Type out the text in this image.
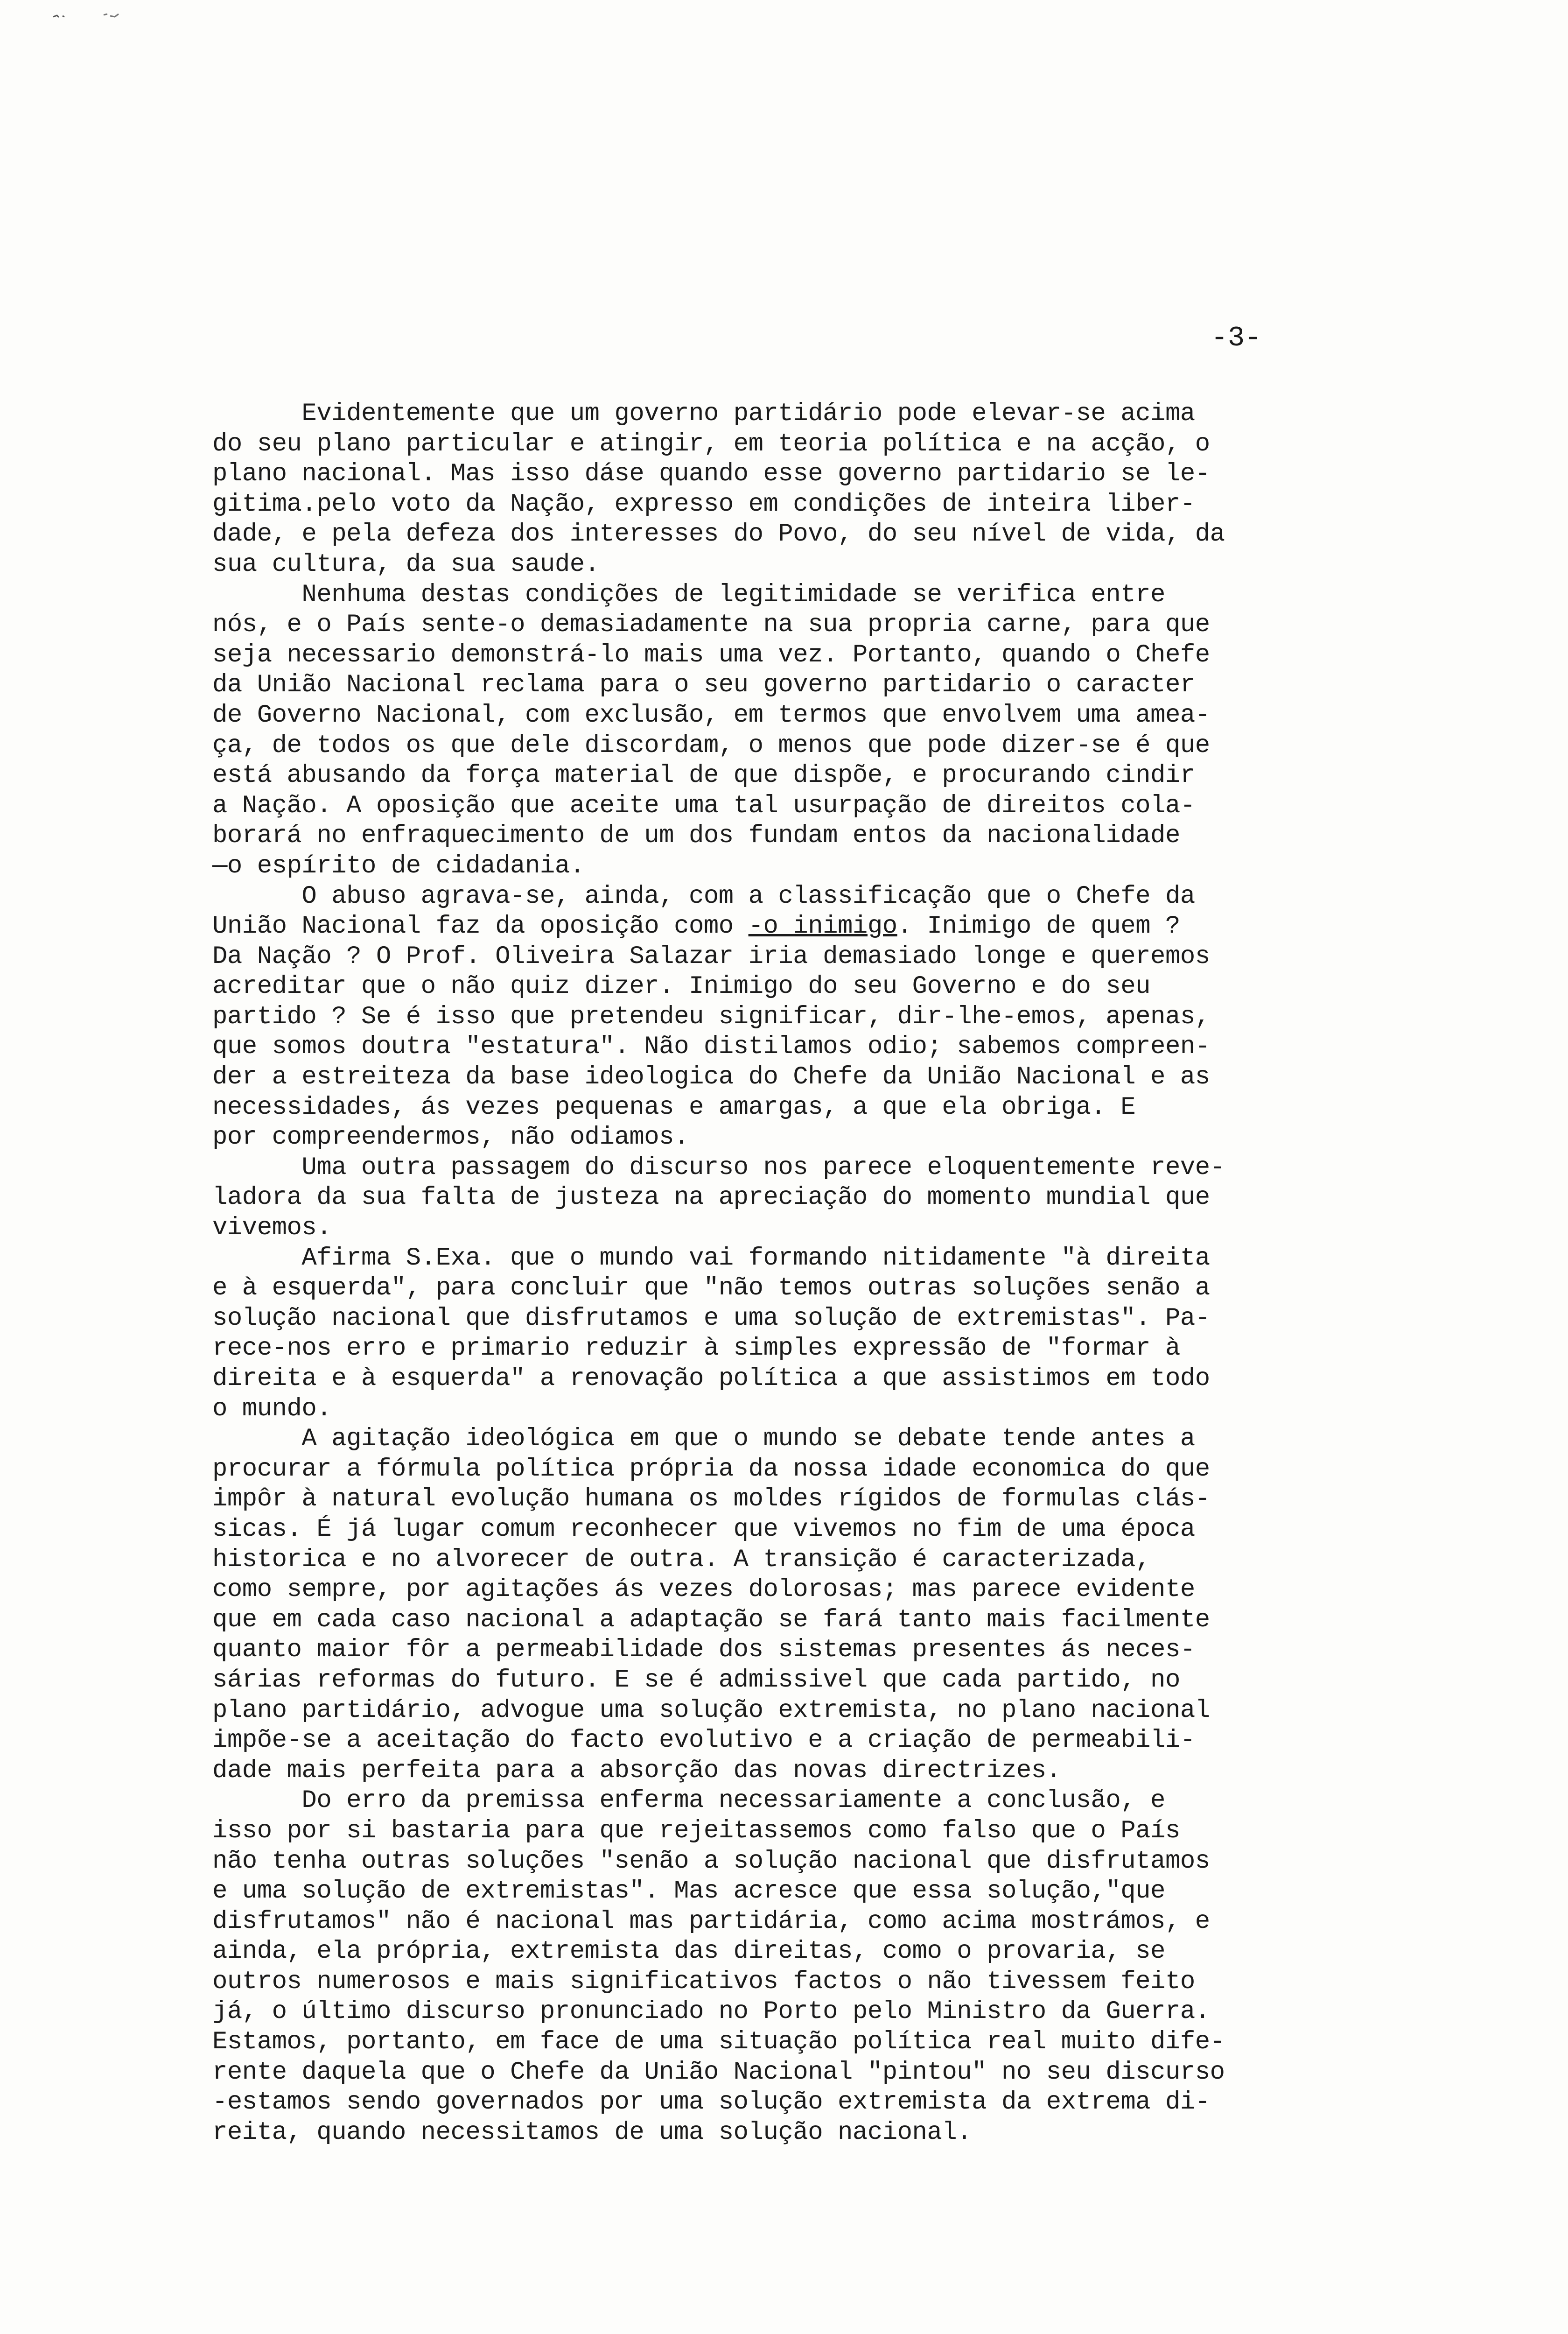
-3-
Evidentemente que um governo partidário pode elevar-se acima
do seu plano particular e atingir, em teoria política e na acção, o
plano nacional. Mas isso dáse quando esse governo partidario se le-
gitima.pelo voto da Nação, expresso em condições de inteira liber-
dade, e pela defeza dos interesses do Povo, do seu nível de vida, da
sua cultura, da sua saude.
Nenhuma destas condições de legitimidade se verifica entre
nós, e o País sente-o demasiadamente na sua propria carne, para que
seja necessario demonstrá-lo mais uma vez. Portanto, quando o Chefe
da União Nacional reclama para o seu governo partidario o caracter
de Governo Nacional, com exclusão, em termos que envolvem uma amea-
ça, de todos os que dele discordam, o menos que pode dizer-se é que
está abusando da força material de que dispõe, e procurando cindir
a Nação. A oposição que aceite uma tal usurpação de direitos cola-
borará no enfraquecimento de um dos fundam entos da nacionalidade
—o espírito de cidadania.
O abuso agrava-se, ainda, com a classificação que o Chefe da
União Nacional faz da oposição como -o inimigo. Inimigo de quem ?
Da Nação ? O Prof. Oliveira Salazar iria demasiado longe e queremos
acreditar que o não quiz dizer. Inimigo do seu Governo e do seu
partido ? Se é isso que pretendeu significar, dir-lhe-emos, apenas,
que somos doutra "estatura". Não distilamos odio; sabemos compreen-
der a estreiteza da base ideologica do Chefe da União Nacional e as
necessidades, ás vezes pequenas e amargas, a que ela obriga. E
por compreendermos, não odiamos.
Uma outra passagem do discurso nos parece eloquentemente reve-
ladora da sua falta de justeza na apreciação do momento mundial que
vivemos.
Afirma S.Exa. que o mundo vai formando nitidamente "à direita
e à esquerda", para concluir que "não temos outras soluções senão a
solução nacional que disfrutamos e uma solução de extremistas". Pa-
rece-nos erro e primario reduzir à simples expressão de "formar à
direita e à esquerda" a renovação política a que assistimos em todo
o mundo.
A agitação ideológica em que o mundo se debate tende antes a
procurar a fórmula política própria da nossa idade economica do que
impôr à natural evolução humana os moldes rígidos de formulas clás-
sicas. É já lugar comum reconhecer que vivemos no fim de uma época
historica e no alvorecer de outra. A transição é caracterizada,
como sempre, por agitações ás vezes dolorosas; mas parece evidente
que em cada caso nacional a adaptação se fará tanto mais facilmente
quanto maior fôr a permeabilidade dos sistemas presentes ás neces-
sárias reformas do futuro. E se é admissivel que cada partido, no
plano partidário, advogue uma solução extremista, no plano nacional
impõe-se a aceitação do facto evolutivo e a criação de permeabili-
dade mais perfeita para a absorção das novas directrizes.
Do erro da premissa enferma necessariamente a conclusão, e
isso por si bastaria para que rejeitassemos como falso que o País
não tenha outras soluções "senão a solução nacional que disfrutamos
e uma solução de extremistas". Mas acresce que essa solução,"que
disfrutamos" não é nacional mas partidária, como acima mostrámos, e
ainda, ela própria, extremista das direitas, como o provaria, se
outros numerosos e mais significativos factos o não tivessem feito
já, o último discurso pronunciado no Porto pelo Ministro da Guerra.
Estamos, portanto, em face de uma situação política real muito dife-
rente daquela que o Chefe da União Nacional "pintou" no seu discurso
-estamos sendo governados por uma solução extremista da extrema di-
reita, quando necessitamos de uma solução nacional.
